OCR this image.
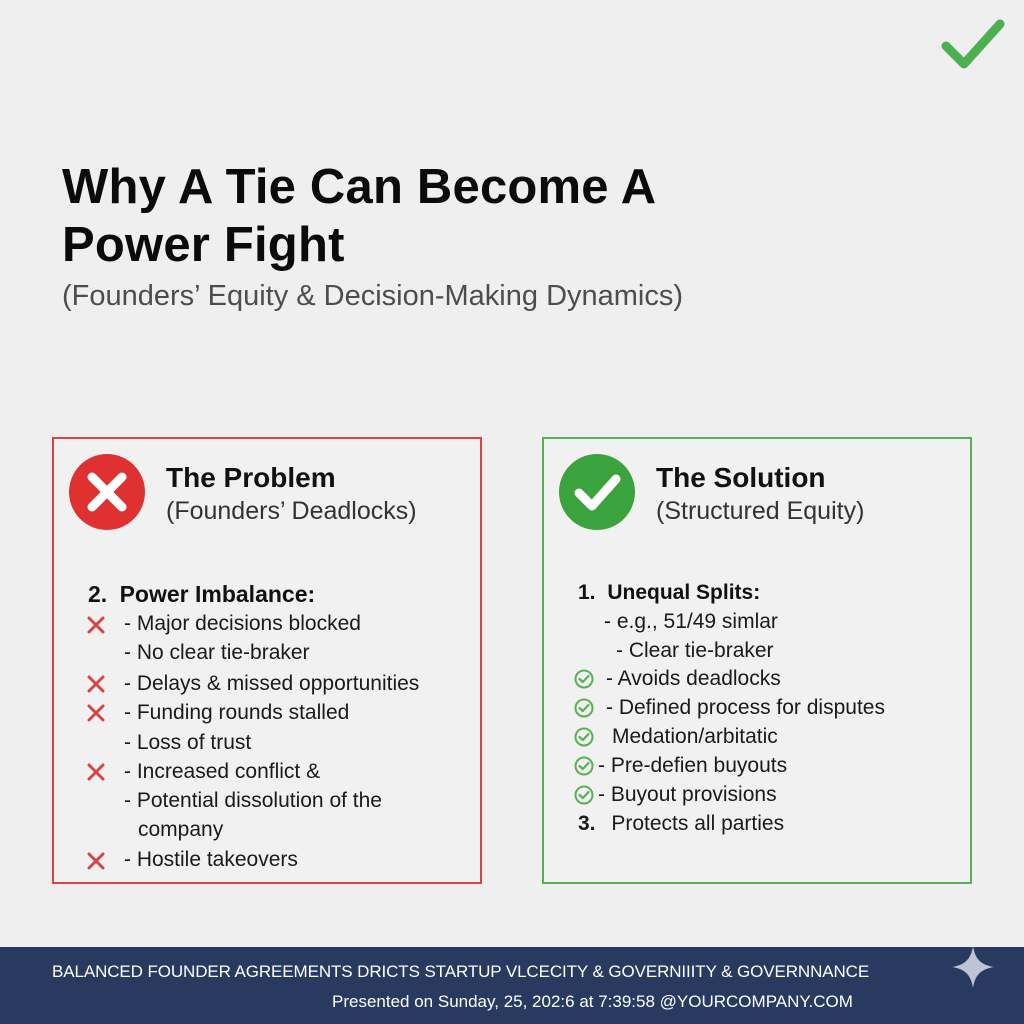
Why A Tie Can Become A
Power Fight
(Founders’ Equity & Decision-Making Dynamics)
The Problem
(Founders’ Deadlocks)
2. Power Imbalance:
- Major decisions blocked
- No clear tie-braker
- Delays & missed opportunities
- Funding rounds stalled
- Loss of trust
- Increased conflict &
- Potential dissolution of the
company
- Hostile takeovers
The Solution
(Structured Equity)
1. Unequal Splits:
- e.g., 51/49 simlar
- Clear tie-braker
- Avoids deadlocks
- Defined process for disputes
Medation/arbitatic
- Pre-defien buyouts
- Buyout provisions
3. Protects all parties
BALANCED FOUNDER AGREEMENTS DRICTS STARTUP VLCECITY & GOVERNIIITY & GOVERNNANCE
Presented on Sunday, 25, 202:6 at 7:39:58 @YOURCOMPANY.COM
